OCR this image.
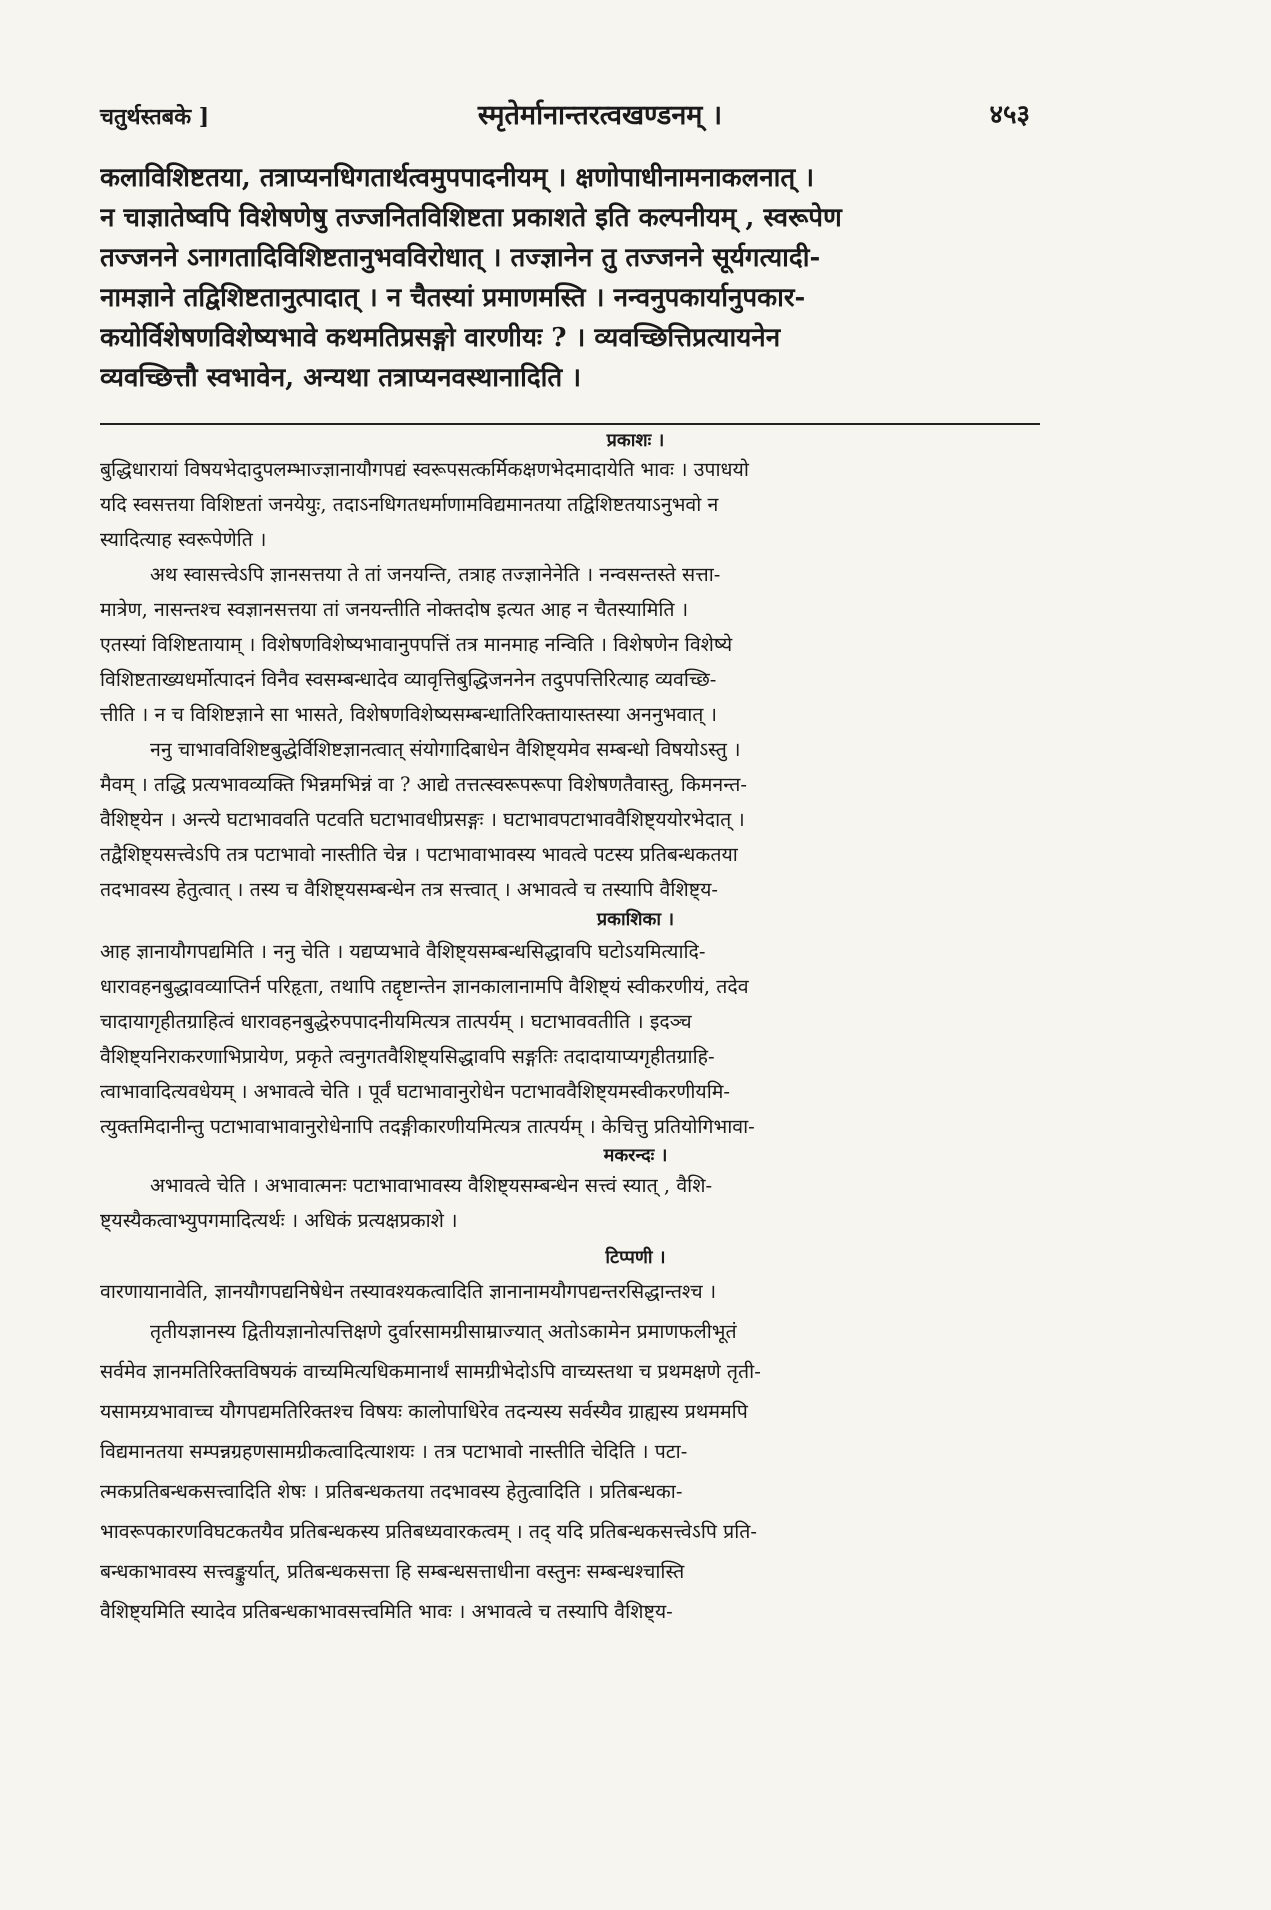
चतुर्थस्तबके ]	स्मृतेर्मानान्तरत्वखण्डनम् ।	४५३
कलाविशिष्टतया, तत्राप्यनधिगतार्थत्वमुपपादनीयम् । क्षणोपाधीनामनाकलनात् ।
न चाज्ञातेष्वपि विशेषणेषु तज्जनितविशिष्टता प्रकाशते इति कल्पनीयम् , स्वरूपेण
तज्जनने ऽनागतादिविशिष्टतानुभवविरोधात् । तज्ज्ञानेन तु तज्जनने सूर्यगत्यादी-
नामज्ञाने तद्विशिष्टतानुत्पादात् । न चैतस्यां प्रमाणमस्ति । नन्वनुपकार्यानुपकार-
कयोर्विशेषणविशेष्यभावे कथमतिप्रसङ्गो वारणीयः ? । व्यवच्छित्तिप्रत्यायनेन
व्यवच्छित्तौ स्वभावेन, अन्यथा तत्राप्यनवस्थानादिति ।
प्रकाशः ।
बुद्धिधारायां विषयभेदादुपलम्भाज्ज्ञानायौगपद्यं स्वरूपसत्कर्मिकक्षणभेदमादायेति भावः । उपाधयो
यदि स्वसत्तया विशिष्टतां जनयेयुः, तदाऽनधिगतधर्माणामविद्यमानतया तद्विशिष्टतयाऽनुभवो न
स्यादित्याह स्वरूपेणेति ।
अथ स्वासत्त्वेऽपि ज्ञानसत्तया ते तां जनयन्ति, तत्राह तज्ज्ञानेनेति । नन्वसन्तस्ते सत्ता-
मात्रेण, नासन्तश्च स्वज्ञानसत्तया तां जनयन्तीति नोक्तदोष इत्यत आह न चैतस्यामिति ।
एतस्यां विशिष्टतायाम् । विशेषणविशेष्यभावानुपपत्तिं तत्र मानमाह नन्विति । विशेषणेन विशेष्ये
विशिष्टताख्यधर्मोत्पादनं विनैव स्वसम्बन्धादेव व्यावृत्तिबुद्धिजननेन तदुपपत्तिरित्याह व्यवच्छि-
त्तीति । न च विशिष्टज्ञाने सा भासते, विशेषणविशेष्यसम्बन्धातिरिक्तायास्तस्या अननुभवात् ।
ननु चाभावविशिष्टबुद्धेर्विशिष्टज्ञानत्वात् संयोगादिबाधेन वैशिष्ट्यमेव सम्बन्धो विषयोऽस्तु ।
मैवम् । तद्धि प्रत्यभावव्यक्ति भिन्नमभिन्नं वा ? आद्ये तत्तत्स्वरूपरूपा विशेषणतैवास्तु, किमनन्त-
वैशिष्ट्येन । अन्त्ये घटाभाववति पटवति घटाभावधीप्रसङ्गः । घटाभावपटाभाववैशिष्ट्ययोरभेदात् ।
तद्वैशिष्ट्यसत्त्वेऽपि तत्र पटाभावो नास्तीति चेन्न । पटाभावाभावस्य भावत्वे पटस्य प्रतिबन्धकतया
तदभावस्य हेतुत्वात् । तस्य च वैशिष्ट्यसम्बन्धेन तत्र सत्त्वात् । अभावत्वे च तस्यापि वैशिष्ट्य-
प्रकाशिका ।
आह ज्ञानायौगपद्यमिति । ननु चेति । यद्यप्यभावे वैशिष्ट्यसम्बन्धसिद्धावपि घटोऽयमित्यादि-
धारावहनबुद्धावव्याप्तिर्न परिहृता, तथापि तद्दृष्टान्तेन ज्ञानकालानामपि वैशिष्ट्यं स्वीकरणीयं, तदेव
चादायागृहीतग्राहित्वं धारावहनबुद्धेरुपपादनीयमित्यत्र तात्पर्यम् । घटाभाववतीति । इदञ्च
वैशिष्ट्यनिराकरणाभिप्रायेण, प्रकृते त्वनुगतवैशिष्ट्यसिद्धावपि सङ्गतिः तदादायाप्यगृहीतग्राहि-
त्वाभावादित्यवधेयम् । अभावत्वे चेति । पूर्वं घटाभावानुरोधेन पटाभाववैशिष्ट्यमस्वीकरणीयमि-
त्युक्तमिदानीन्तु पटाभावाभावानुरोधेनापि तदङ्गीकारणीयमित्यत्र तात्पर्यम् । केचित्तु प्रतियोगिभावा-
मकरन्दः ।
अभावत्वे चेति । अभावात्मनः पटाभावाभावस्य वैशिष्ट्यसम्बन्धेन सत्त्वं स्यात् , वैशि-
ष्ट्यस्यैकत्वाभ्युपगमादित्यर्थः । अधिकं प्रत्यक्षप्रकाशे ।
टिप्पणी ।
वारणायानावेति, ज्ञानयौगपद्यनिषेधेन तस्यावश्यकत्वादिति ज्ञानानामयौगपद्यन्तरसिद्धान्तश्च ।
तृतीयज्ञानस्य द्वितीयज्ञानोत्पत्तिक्षणे दुर्वारसामग्रीसाम्राज्यात् अतोऽकामेन प्रमाणफलीभूतं
सर्वमेव ज्ञानमतिरिक्तविषयकं वाच्यमित्यधिकमानार्थं सामग्रीभेदोऽपि वाच्यस्तथा च प्रथमक्षणे तृती-
यसामग्र्यभावाच्च यौगपद्यमतिरिक्तश्च विषयः कालोपाधिरेव तदन्यस्य सर्वस्यैव ग्राह्यस्य प्रथममपि
विद्यमानतया सम्पन्नग्रहणसामग्रीकत्वादित्याशयः । तत्र पटाभावो नास्तीति चेदिति । पटा-
त्मकप्रतिबन्धकसत्त्वादिति शेषः । प्रतिबन्धकतया तदभावस्य हेतुत्वादिति । प्रतिबन्धका-
भावरूपकारणविघटकतयैव प्रतिबन्धकस्य प्रतिबध्यवारकत्वम् । तद् यदि प्रतिबन्धकसत्त्वेऽपि प्रति-
बन्धकाभावस्य सत्त्वङ्कुर्यात्, प्रतिबन्धकसत्ता हि सम्बन्धसत्ताधीना वस्तुनः सम्बन्धश्चास्ति
वैशिष्ट्यमिति स्यादेव प्रतिबन्धकाभावसत्त्वमिति भावः । अभावत्वे च तस्यापि वैशिष्ट्य-
